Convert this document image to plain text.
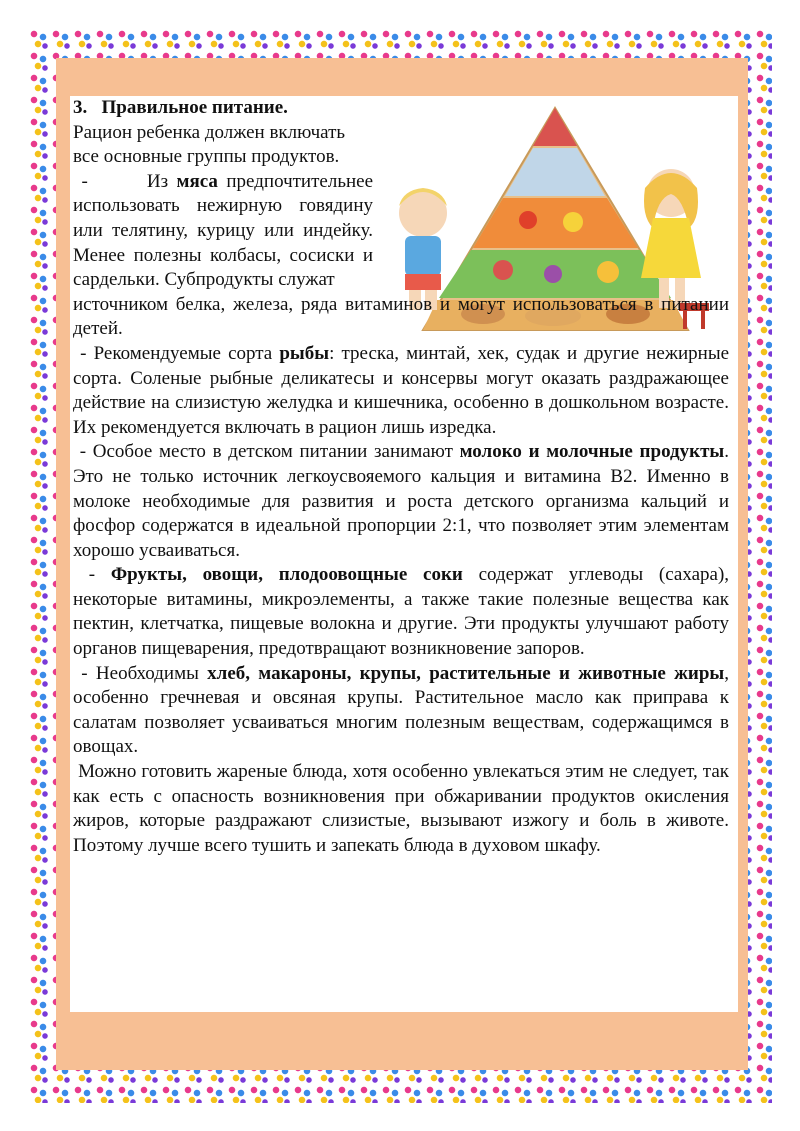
3. Правильное питание.

Рацион ребенка должен включать все основные группы продуктов.

-	Из мяса предпочтительнее использовать нежирную говядину или телятину, курицу или индейку. Менее полезны колбасы, сосиски и сардельки. Субпродукты служат

источником белка, железа, ряда витаминов и могут использоваться в питании детей.

- Рекомендуемые сорта рыбы: треска, минтай, хек, судак и другие нежирные сорта. Соленые рыбные деликатесы и консервы могут оказать раздражающее действие на слизистую желудка и кишечника, особенно в дошкольном возрасте. Их рекомендуется включать в рацион лишь изредка.

- Особое место в детском питании занимают молоко и молочные продукты. Это не только источник легкоусвояемого кальция и витамина В2. Именно в молоке необходимые для развития и роста детского организма кальций и фосфор содержатся в идеальной пропорции 2:1, что позволяет этим элементам хорошо усваиваться.

- Фрукты, овощи, плодоовощные соки содержат углеводы (сахара), некоторые витамины, микроэлементы, а также такие полезные вещества как пектин, клетчатка, пищевые волокна и другие. Эти продукты улучшают работу органов пищеварения, предотвращают возникновение запоров.

- Необходимы хлеб, макароны, крупы, растительные и животные жиры, особенно гречневая и овсяная крупы. Растительное масло как приправа к салатам позволяет усваиваться многим полезным веществам, содержащимся в овощах.

Можно готовить жареные блюда, хотя особенно увлекаться этим не следует, так как есть с опасность возникновения при обжаривании продуктов окисления жиров, которые раздражают слизистые, вызывают изжогу и боль в животе. Поэтому лучше всего тушить и запекать блюда в духовом шкафу.
